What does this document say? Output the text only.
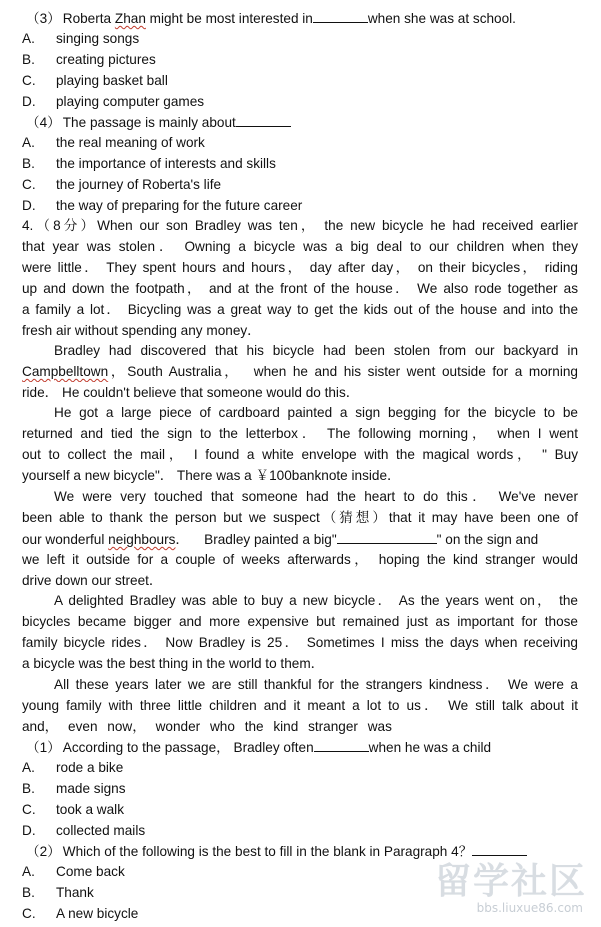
（3） Roberta Zhan might be most interested in	when she was at school.
A. singing songs
B. creating pictures
C. playing basket ball
D. playing computer games
（4） The passage is mainly about
A. the real meaning of work
B. the importance of interests and skills
C. the journey of Roberta's life
D. the way of preparing for the future career
4.（8分）When our son Bradley was ten， the new bicycle he had received earlier
that year was stolen． Owning a bicycle was a big deal to our children when they
were little． They spent hours and hours， day after day， on their bicycles， riding
up and down the footpath， and at the front of the house． We also rode together as
a family a lot． Bicycling was a great way to get the kids out of the house and into the
fresh air without spending any money．
Bradley had discovered that his bicycle had been stolen from our backyard in
Campbelltown，South Australia，  when he and his sister went outside for a morning
ride． He couldn't believe that someone would do this．
He got a large piece of cardboard painted a sign begging for the bicycle to be
returned and tied the sign to the letterbox． The following morning， when I went
out to collect the mail， I found a white envelope with the magical words， " Buy
yourself a new bicycle"． There was a ￥100banknote inside．
We were very touched that someone had the heart to do this． We've never
been able to thank the person but we suspect（猜想）that it may have been one of
our wonderful neighbours．    Bradley painted a big"	" on the sign and
we left it outside for a couple of weeks afterwards， hoping the kind stranger would
drive down our street．
A delighted Bradley was able to buy a new bicycle． As the years went on， the
bicycles became bigger and more expensive but remained just as important for those
family bicycle rides． Now Bradley is 25． Sometimes I miss the days when receiving
a bicycle was the best thing in the world to them．
All these years later we are still thankful for the strangers kindness． We were a
young family with three little children and it meant a lot to us． We still talk about it
and， even now， wonder who the kind stranger was
（1） According to the passage， Bradley often	when he was a child
A. rode a bike
B. made signs
C. took a walk
D. collected mails
（2） Which of the following is the best to fill in the blank in Paragraph 4？
A. Come back
B. Thank
C. A new bicycle
留学社区
bbs.liuxue86.com
